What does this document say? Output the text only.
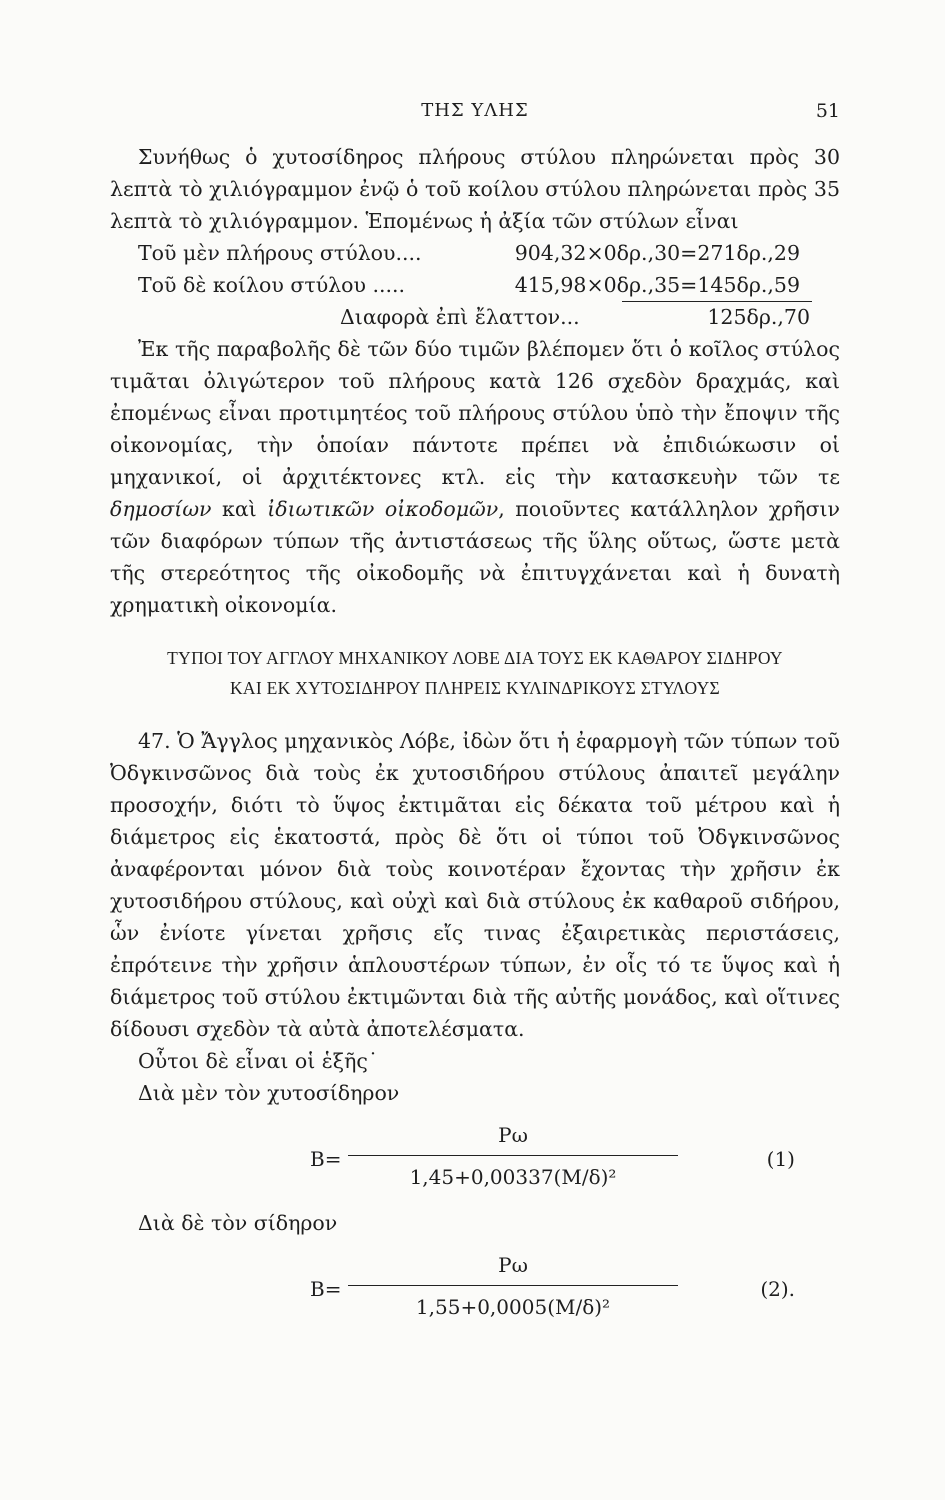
ΤΗΣ ΥΛΗΣ	51

Συνήθως ὁ χυτοσίδηρος πλήρους στύλου πληρώνεται πρὸς 30 λεπτὰ τὸ χιλιόγραμμον ἐνῷ ὁ τοῦ κοίλου στύλου πληρώνεται πρὸς 35 λεπτὰ τὸ χιλιόγραμμον. Ἑπομένως ἡ ἀξία τῶν στύλων εἶναι

Τοῦ μὲν πλήρους στύλου....	904,32×0δρ.,30=271δρ.,29
Τοῦ δὲ κοίλου στύλου .....	415,98×0δρ.,35=145δρ.,59
Διαφορὰ ἐπὶ ἔλαττον...	125δρ.,70

Ἐκ τῆς παραβολῆς δὲ τῶν δύο τιμῶν βλέπομεν ὅτι ὁ κοῖλος στύλος τιμᾶται ὀλιγώτερον τοῦ πλήρους κατὰ 126 σχεδὸν δραχμάς, καὶ ἐπομένως εἶναι προτιμητέος τοῦ πλήρους στύλου ὑπὸ τὴν ἔποψιν τῆς οἰκονομίας, τὴν ὁποίαν πάντοτε πρέπει νὰ ἐπιδιώκωσιν οἱ μηχανικοί, οἱ ἀρχιτέκτονες κτλ. εἰς τὴν κατασκευὴν τῶν τε δημοσίων καὶ ἰδιωτικῶν οἰκοδομῶν, ποιοῦντες κατάλληλον χρῆσιν τῶν διαφόρων τύπων τῆς ἀντιστάσεως τῆς ὕλης οὕτως, ὥστε μετὰ τῆς στερεότητος τῆς οἰκοδομῆς νὰ ἐπιτυγχάνεται καὶ ἡ δυνατὴ χρηματικὴ οἰκονομία.

ΤΥΠΟΙ ΤΟΥ ΑΓΓΛΟΥ ΜΗΧΑΝΙΚΟΥ ΛΟΒΕ ΔΙΑ ΤΟΥΣ ΕΚ ΚΑΘΑΡΟΥ ΣΙΔΗΡΟΥ
ΚΑΙ ΕΚ ΧΥΤΟΣΙΔΗΡΟΥ ΠΛΗΡΕΙΣ ΚΥΛΙΝΔΡΙΚΟΥΣ ΣΤΥΛΟΥΣ

47. Ὁ Ἄγγλος μηχανικὸς Λόβε, ἰδὼν ὅτι ἡ ἐφαρμογὴ τῶν τύπων τοῦ Ὀδγκινσῶνος διὰ τοὺς ἐκ χυτοσιδήρου στύλους ἀπαιτεῖ μεγάλην προσοχήν, διότι τὸ ὕψος ἐκτιμᾶται εἰς δέκατα τοῦ μέτρου καὶ ἡ διάμετρος εἰς ἑκατοστά, πρὸς δὲ ὅτι οἱ τύποι τοῦ Ὀδγκινσῶνος ἀναφέρονται μόνον διὰ τοὺς κοινοτέραν ἔχοντας τὴν χρῆσιν ἐκ χυτοσιδήρου στύλους, καὶ οὐχὶ καὶ διὰ στύλους ἐκ καθαροῦ σιδήρου, ὧν ἐνίοτε γίνεται χρῆσις εἴς τινας ἐξαιρετικὰς περιστάσεις, ἐπρότεινε τὴν χρῆσιν ἁπλουστέρων τύπων, ἐν οἷς τό τε ὕψος καὶ ἡ διάμετρος τοῦ στύλου ἐκτιμῶνται διὰ τῆς αὐτῆς μονάδος, καὶ οἵτινες δίδουσι σχεδὸν τὰ αὐτὰ ἀποτελέσματα.

Οὗτοι δὲ εἶναι οἱ ἑξῆς˙

Διὰ μὲν τὸν χυτοσίδηρον

B=
Pω
1,45+0,00337(M/δ)²
(1)

Διὰ δὲ τὸν σίδηρον

B=
Pω
1,55+0,0005(M/δ)²
(2).
